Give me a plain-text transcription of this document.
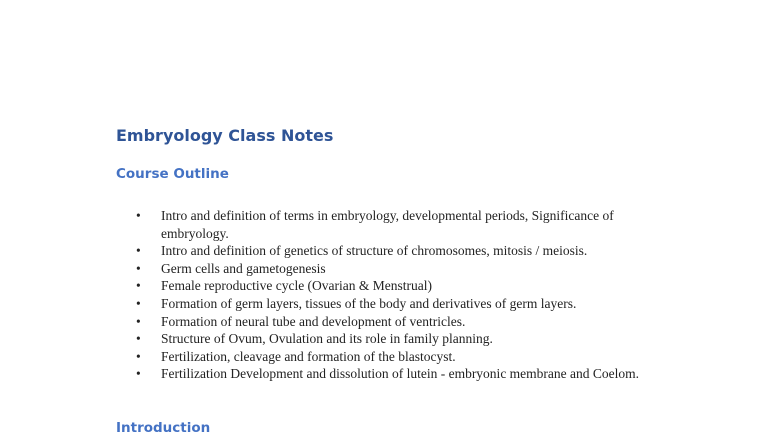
Embryology Class Notes
Course Outline
• Intro and definition of terms in embryology, developmental periods, Significance of embryology.
• Intro and definition of genetics of structure of chromosomes, mitosis / meiosis.
• Germ cells and gametogenesis
• Female reproductive cycle (Ovarian & Menstrual)
• Formation of germ layers, tissues of the body and derivatives of germ layers.
• Formation of neural tube and development of ventricles.
• Structure of Ovum, Ovulation and its role in family planning.
• Fertilization, cleavage and formation of the blastocyst.
• Fertilization Development and dissolution of lutein - embryonic membrane and Coelom.
Introduction
